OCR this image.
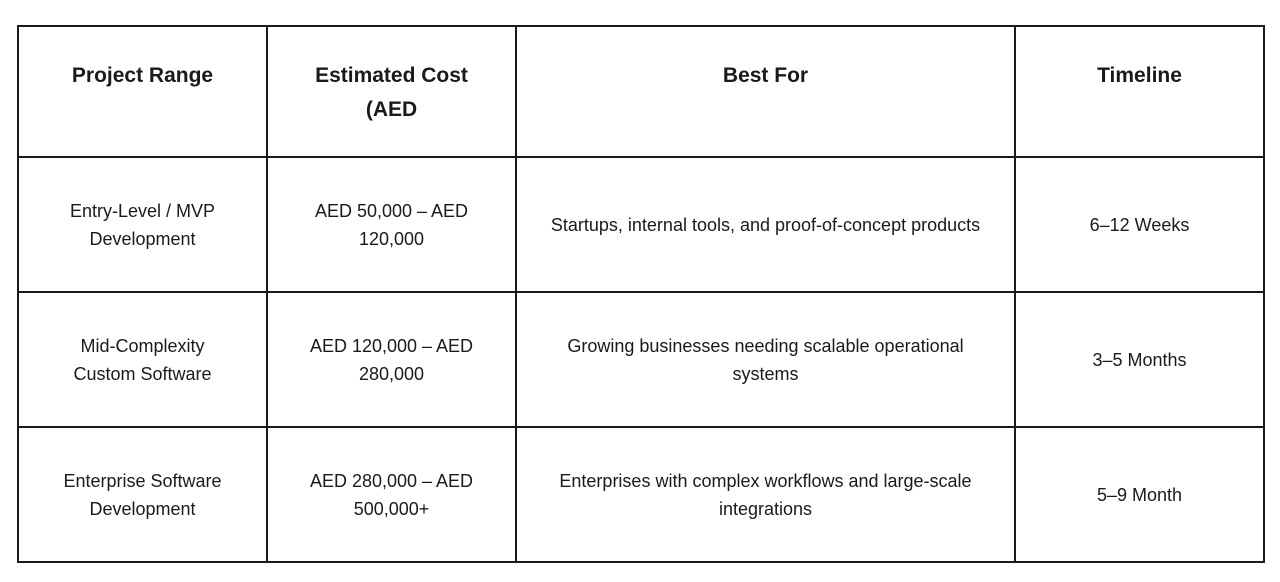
Project Range	Estimated Cost (AED	Best For	Timeline
Entry-Level / MVP Development	AED 50,000 – AED 120,000	Startups, internal tools, and proof-of-concept products	6–12 Weeks
Mid-Complexity Custom Software	AED 120,000 – AED 280,000	Growing businesses needing scalable operational systems	3–5 Months
Enterprise Software Development	AED 280,000 – AED 500,000+	Enterprises with complex workflows and large-scale integrations	5–9 Month
